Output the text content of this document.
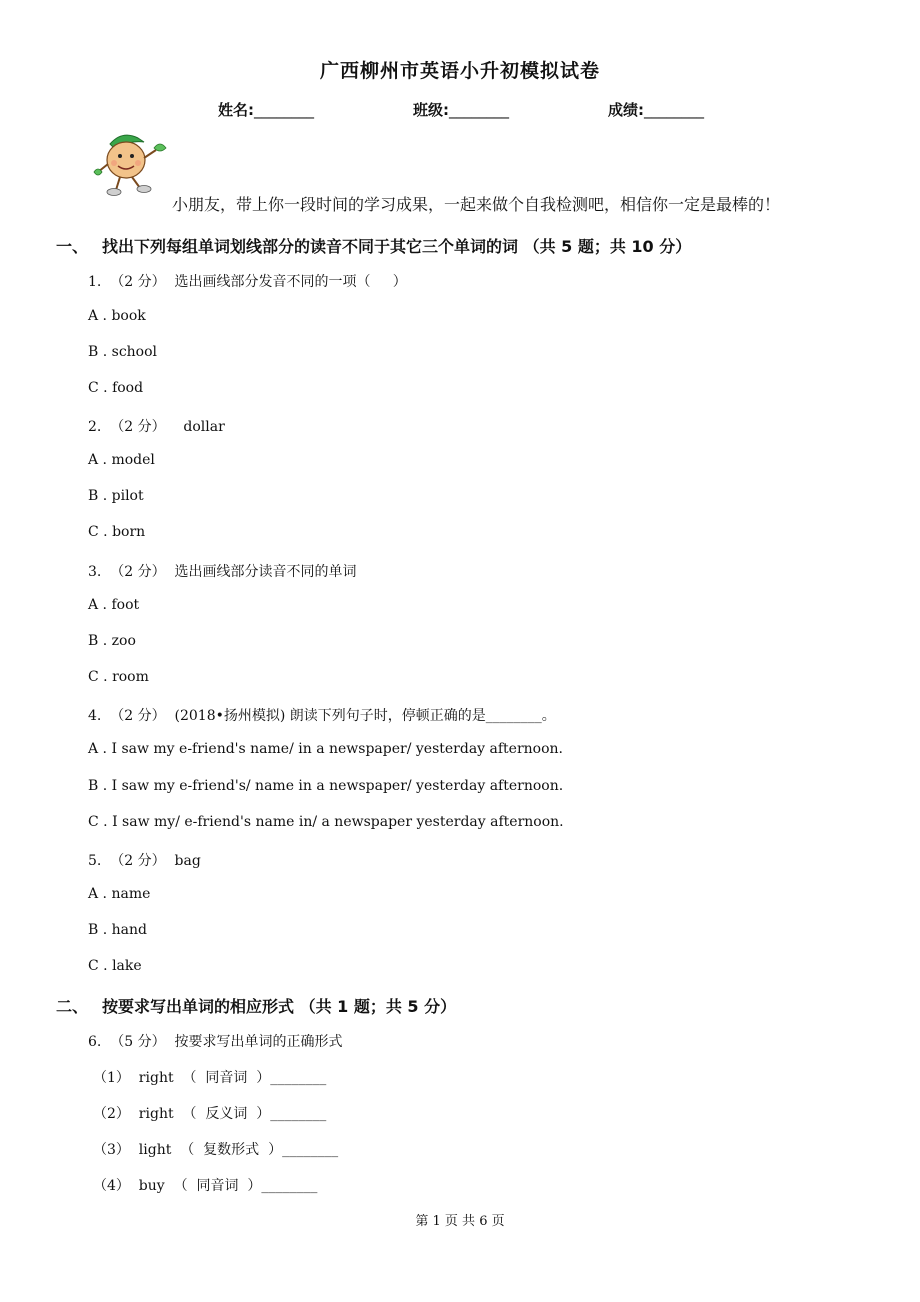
广西柳州市英语小升初模拟试卷
姓名:________	班级:________	成绩:________
小朋友，带上你一段时间的学习成果，一起来做个自我检测吧，相信你一定是最棒的！
一、 找出下列每组单词划线部分的读音不同于其它三个单词的词 （共 5 题；共 10 分）
1.  （2 分）  选出画线部分发音不同的一项（     ）
A . book
B . school
C . food
2.  （2 分）    dollar
A . model
B . pilot
C . born
3.  （2 分）  选出画线部分读音不同的单词
A . foot
B . zoo
C . room
4.  （2 分）  (2018•扬州模拟) 朗读下列句子时，停顿正确的是________。
A . I saw my e-friend's name/ in a newspaper/ yesterday afternoon.
B . I saw my e-friend's/ name in a newspaper/ yesterday afternoon.
C . I saw my/ e-friend's name in/ a newspaper yesterday afternoon.
5.  （2 分）  bag
A . name
B . hand
C . lake
二、 按要求写出单词的相应形式 （共 1 题；共 5 分）
6.  （5 分）  按要求写出单词的正确形式
（1）  right  （  同音词  ）________
（2）  right  （  反义词  ）________
（3）  light  （  复数形式  ）________
（4）  buy  （  同音词  ）________
第 1 页 共 6 页
